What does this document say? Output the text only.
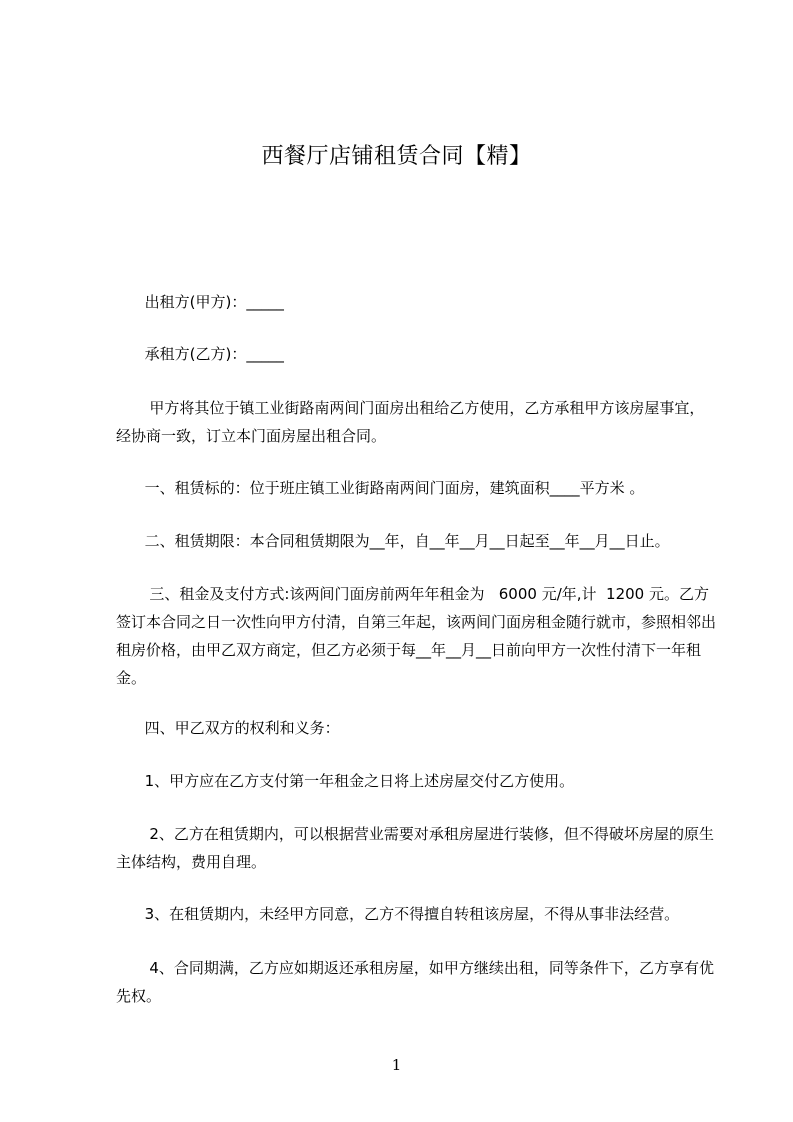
西餐厅店铺租赁合同【精】
出租方(甲方)：_____
承租方(乙方)：_____
甲方将其位于镇工业街路南两间门面房出租给乙方使用，乙方承租甲方该房屋事宜，经协商一致，订立本门面房屋出租合同。
一、租赁标的：位于班庄镇工业街路南两间门面房，建筑面积____平方米 。
二、租赁期限：本合同租赁期限为__年，自__年__月__日起至__年__月__日止。
三、租金及支付方式:该两间门面房前两年年租金为   6000 元/年,计  1200 元。乙方签订本合同之日一次性向甲方付清，自第三年起，该两间门面房租金随行就市，参照相邻出租房价格，由甲乙双方商定，但乙方必须于每__年__月__日前向甲方一次性付清下一年租金。
四、甲乙双方的权利和义务：
1、甲方应在乙方支付第一年租金之日将上述房屋交付乙方使用。
2、乙方在租赁期内，可以根据营业需要对承租房屋进行装修，但不得破坏房屋的原生主体结构，费用自理。
3、在租赁期内，未经甲方同意，乙方不得擅自转租该房屋，不得从事非法经营。
4、合同期满，乙方应如期返还承租房屋，如甲方继续出租，同等条件下，乙方享有优先权。
1
